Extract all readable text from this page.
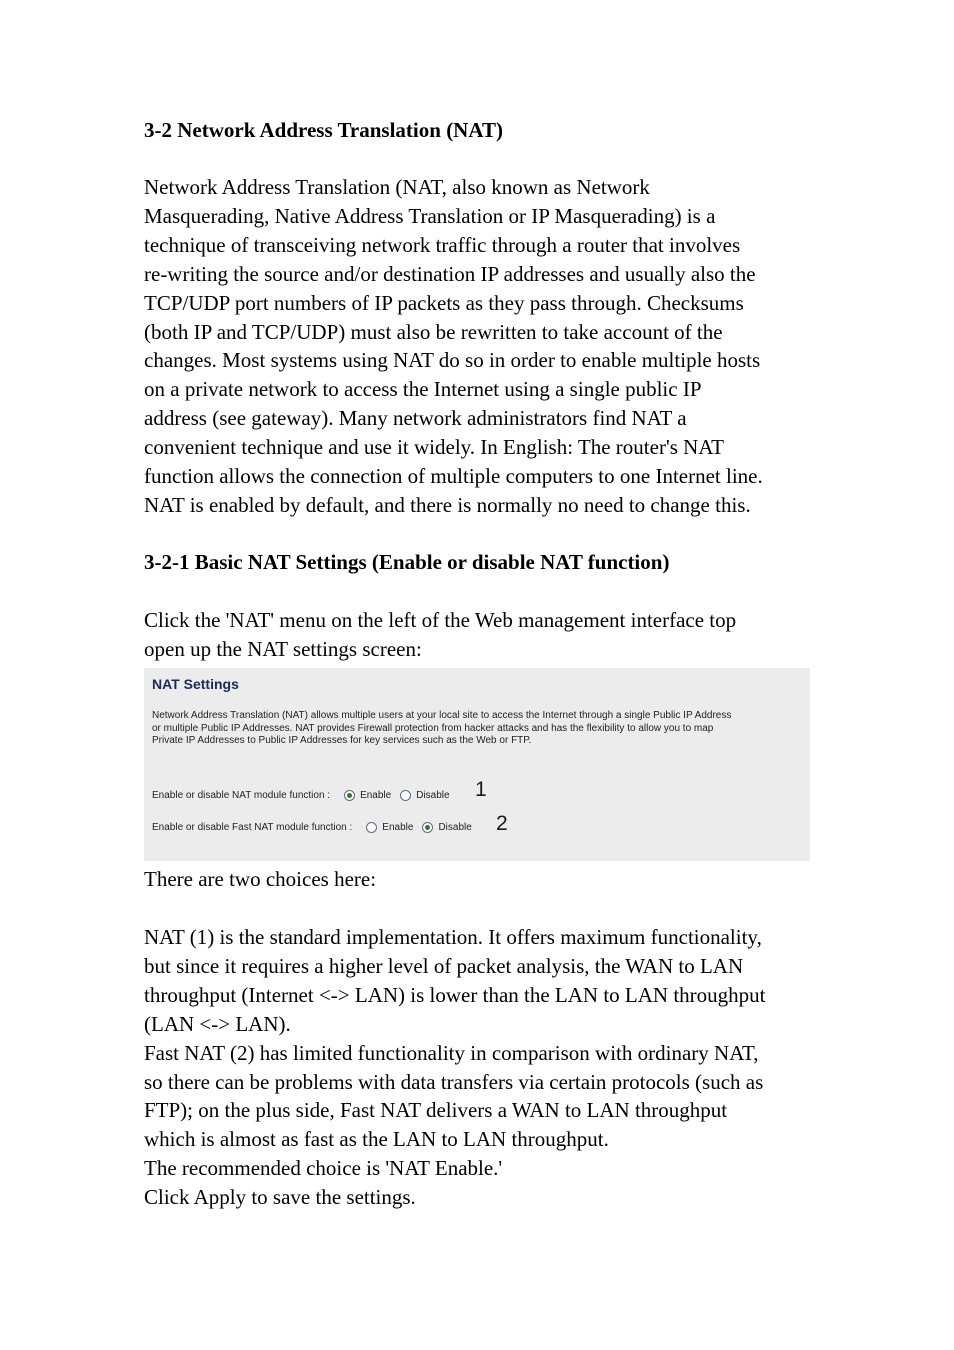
3-2 Network Address Translation (NAT)
Network Address Translation (NAT, also known as Network
Masquerading, Native Address Translation or IP Masquerading) is a
technique of transceiving network traffic through a router that involves
re-writing the source and/or destination IP addresses and usually also the
TCP/UDP port numbers of IP packets as they pass through. Checksums
(both IP and TCP/UDP) must also be rewritten to take account of the
changes. Most systems using NAT do so in order to enable multiple hosts
on a private network to access the Internet using a single public IP
address (see gateway). Many network administrators find NAT a
convenient technique and use it widely. In English: The router's NAT
function allows the connection of multiple computers to one Internet line.
NAT is enabled by default, and there is normally no need to change this.
3-2-1 Basic NAT Settings (Enable or disable NAT function)
Click the 'NAT' menu on the left of the Web management interface top
open up the NAT settings screen:
NAT Settings
Network Address Translation (NAT) allows multiple users at your local site to access the Internet through a single Public IP Address
or multiple Public IP Addresses. NAT provides Firewall protection from hacker attacks and has the flexibility to allow you to map
Private IP Addresses to Public IP Addresses for key services such as the Web or FTP.
Enable or disable NAT module function :	Enable	Disable 1
Enable or disable Fast NAT module function :	Enable	Disable 2

There are two choices here:

NAT (1) is the standard implementation. It offers maximum functionality,
but since it requires a higher level of packet analysis, the WAN to LAN
throughput (Internet <-> LAN) is lower than the LAN to LAN throughput
(LAN <-> LAN).
Fast NAT (2) has limited functionality in comparison with ordinary NAT,
so there can be problems with data transfers via certain protocols (such as
FTP); on the plus side, Fast NAT delivers a WAN to LAN throughput
which is almost as fast as the LAN to LAN throughput.
The recommended choice is 'NAT Enable.'
Click Apply to save the settings.
